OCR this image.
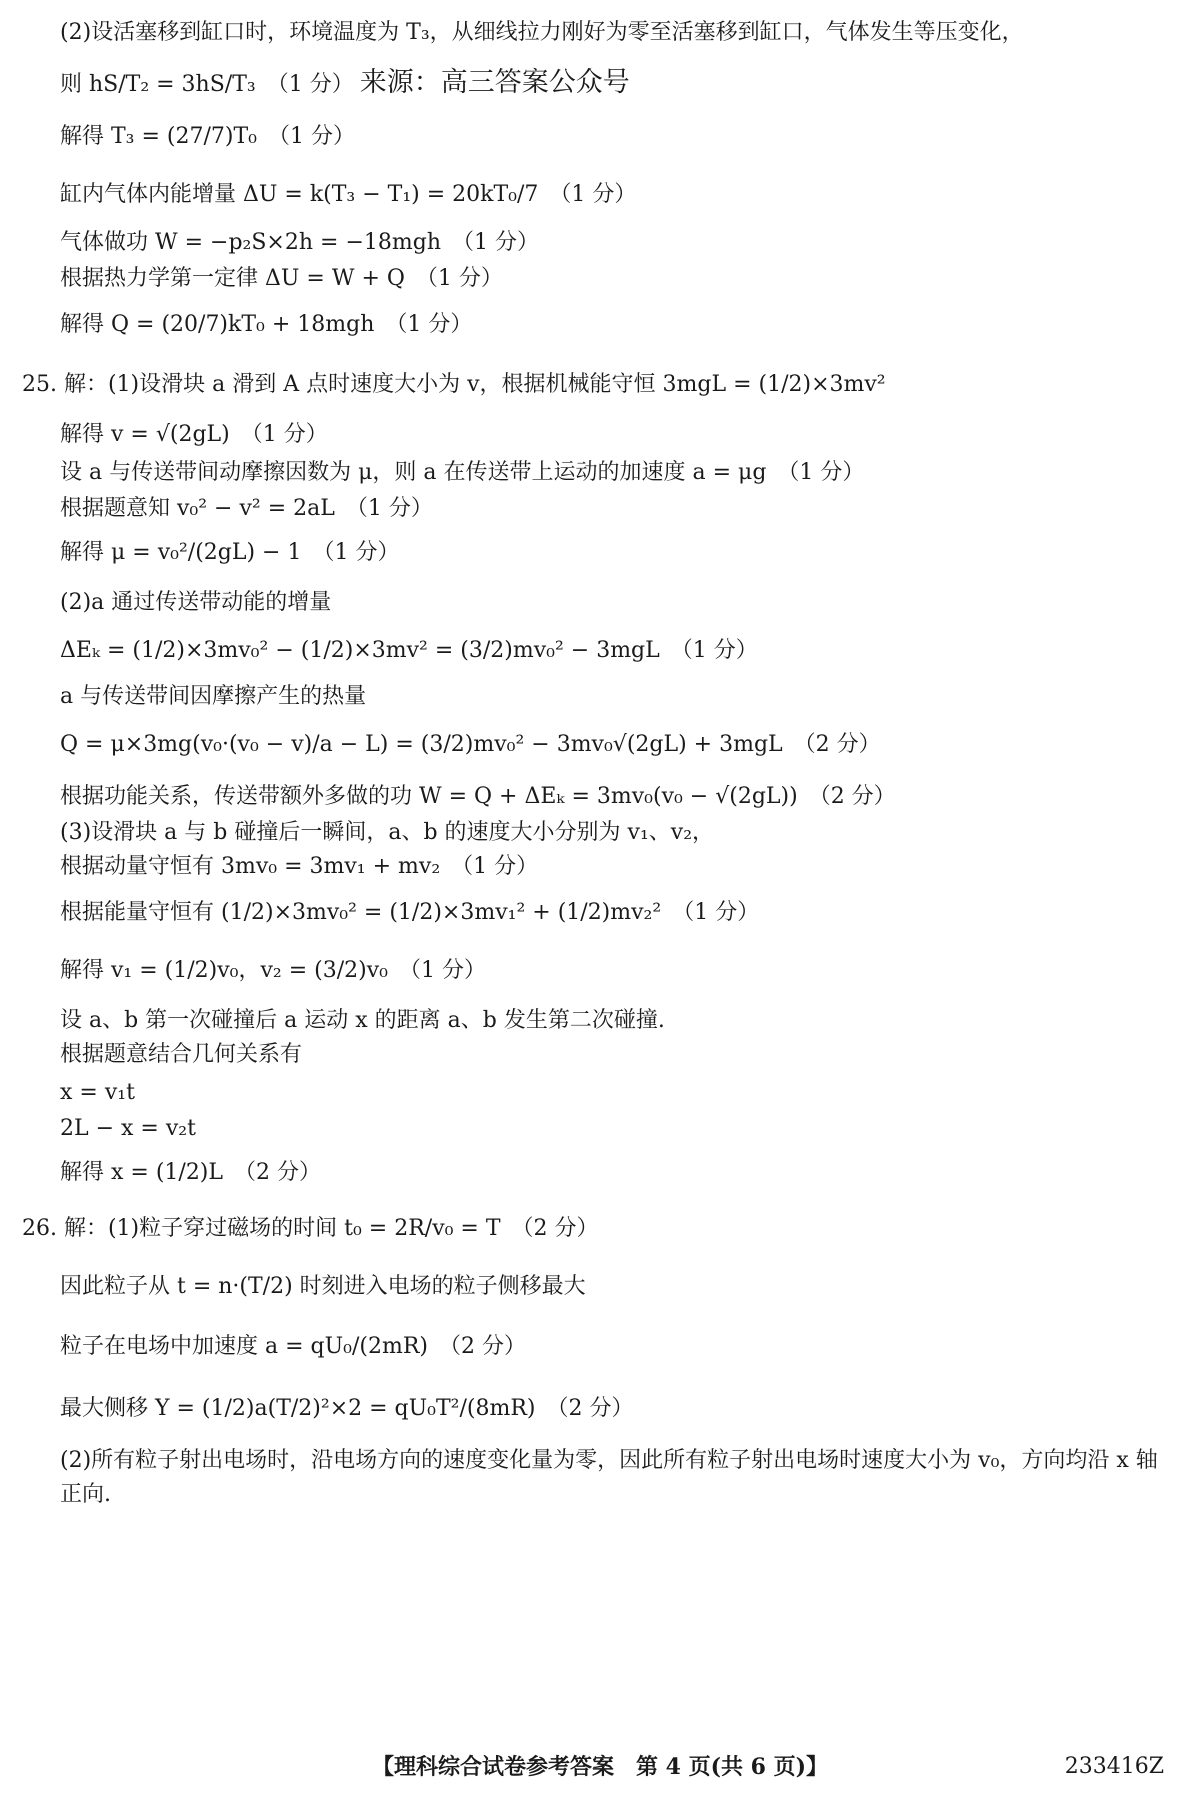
(2)设活塞移到缸口时，环境温度为 T₃，从细线拉力刚好为零至活塞移到缸口，气体发生等压变化，
则 hS/T₂ = 3hS/T₃　（1 分） 来源：高三答案公众号
解得 T₃ = (27/7)T₀　（1 分）
缸内气体内能增量 ΔU = k(T₃ − T₁) = 20kT₀/7　（1 分）
气体做功 W = −p₂S×2h = −18mgh　（1 分）
根据热力学第一定律 ΔU = W + Q　（1 分）
解得 Q = (20/7)kT₀ + 18mgh　（1 分）
25. 解：(1)设滑块 a 滑到 A 点时速度大小为 v，根据机械能守恒 3mgL = (1/2)×3mv²
解得 v = √(2gL)　（1 分）
设 a 与传送带间动摩擦因数为 μ，则 a 在传送带上运动的加速度 a = μg　（1 分）
根据题意知 v₀² − v² = 2aL　（1 分）
解得 μ = v₀²/(2gL) − 1　（1 分）
(2)a 通过传送带动能的增量
ΔEₖ = (1/2)×3mv₀² − (1/2)×3mv² = (3/2)mv₀² − 3mgL　（1 分）
a 与传送带间因摩擦产生的热量
Q = μ×3mg(v₀·(v₀ − v)/a − L) = (3/2)mv₀² − 3mv₀√(2gL) + 3mgL　（2 分）
根据功能关系，传送带额外多做的功 W = Q + ΔEₖ = 3mv₀(v₀ − √(2gL))　（2 分）
(3)设滑块 a 与 b 碰撞后一瞬间，a、b 的速度大小分别为 v₁、v₂，
根据动量守恒有 3mv₀ = 3mv₁ + mv₂　（1 分）
根据能量守恒有 (1/2)×3mv₀² = (1/2)×3mv₁² + (1/2)mv₂²　（1 分）
解得 v₁ = (1/2)v₀，v₂ = (3/2)v₀　（1 分）
设 a、b 第一次碰撞后 a 运动 x 的距离 a、b 发生第二次碰撞.
根据题意结合几何关系有
x = v₁t
2L − x = v₂t
解得 x = (1/2)L　（2 分）
26. 解：(1)粒子穿过磁场的时间 t₀ = 2R/v₀ = T　（2 分）
因此粒子从 t = n·(T/2) 时刻进入电场的粒子侧移最大
粒子在电场中加速度 a = qU₀/(2mR)　（2 分）
最大侧移 Y = (1/2)a(T/2)²×2 = qU₀T²/(8mR)　（2 分）
(2)所有粒子射出电场时，沿电场方向的速度变化量为零，因此所有粒子射出电场时速度大小为 v₀，方向均沿 x 轴正向.
【理科综合试卷参考答案　第 4 页(共 6 页)】	233416Z
